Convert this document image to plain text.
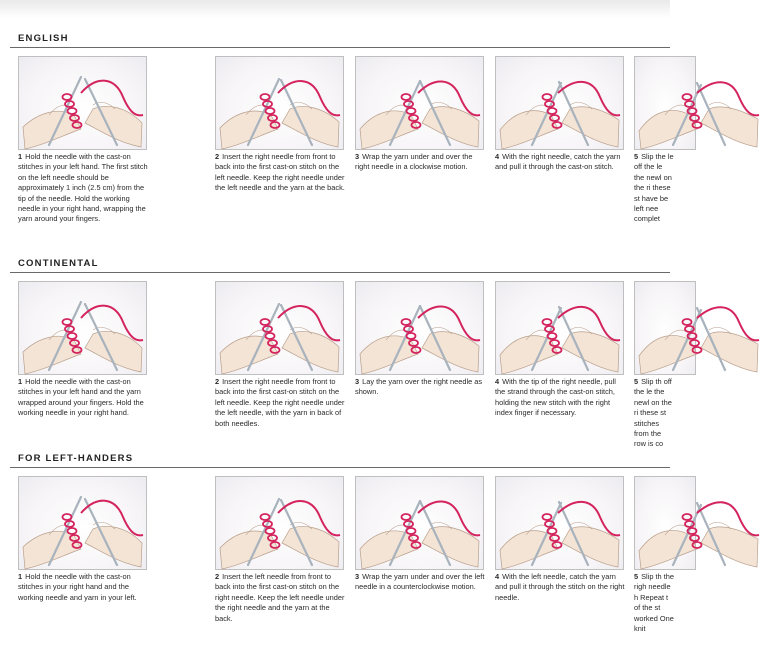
ENGLISH
CONTINENTAL
FOR LEFT-HANDERS
1 Hold the needle with the cast-on stitches in your left hand. The first stitch on the left needle should be approximately 1 inch (2.5 cm) from the tip of the needle. Hold the working needle in your right hand, wrapping the yarn around your fingers.
2 Insert the right needle from front to back into the first cast-on stitch on the left needle. Keep the right needle under the left needle and the yarn at the back.
3 Wrap the yarn under and over the right needle in a clockwise motion.
4 With the right needle, catch the yarn and pull it through the cast-on stitch.
5 Slip the le off the le the newl on the ri these st have be left nee complet
1 Hold the needle with the cast-on stitches in your left hand and the yarn wrapped around your fingers. Hold the working needle in your right hand.
2 Insert the right needle from front to back into the first cast-on stitch on the left needle. Keep the right needle under the left needle, with the yarn in back of both needles.
3 Lay the yarn over the right needle as shown.
4 With the tip of the right needle, pull the strand through the cast-on stitch, holding the new stitch with the right index finger if necessary.
5 Slip th off the le the newl on the ri these st stitches from the row is co
1 Hold the needle with the cast-on stitches in your right hand and the working needle and yarn in your left.
2 Insert the left needle from front to back into the first cast-on stitch on the right needle. Keep the left needle under the right needle and the yarn at the back.
3 Wrap the yarn under and over the left needle in a counterclockwise motion.
4 With the left needle, catch the yarn and pull it through the stitch on the right needle.
5 Slip th the righ needle h Repeat t of the st worked One knit
